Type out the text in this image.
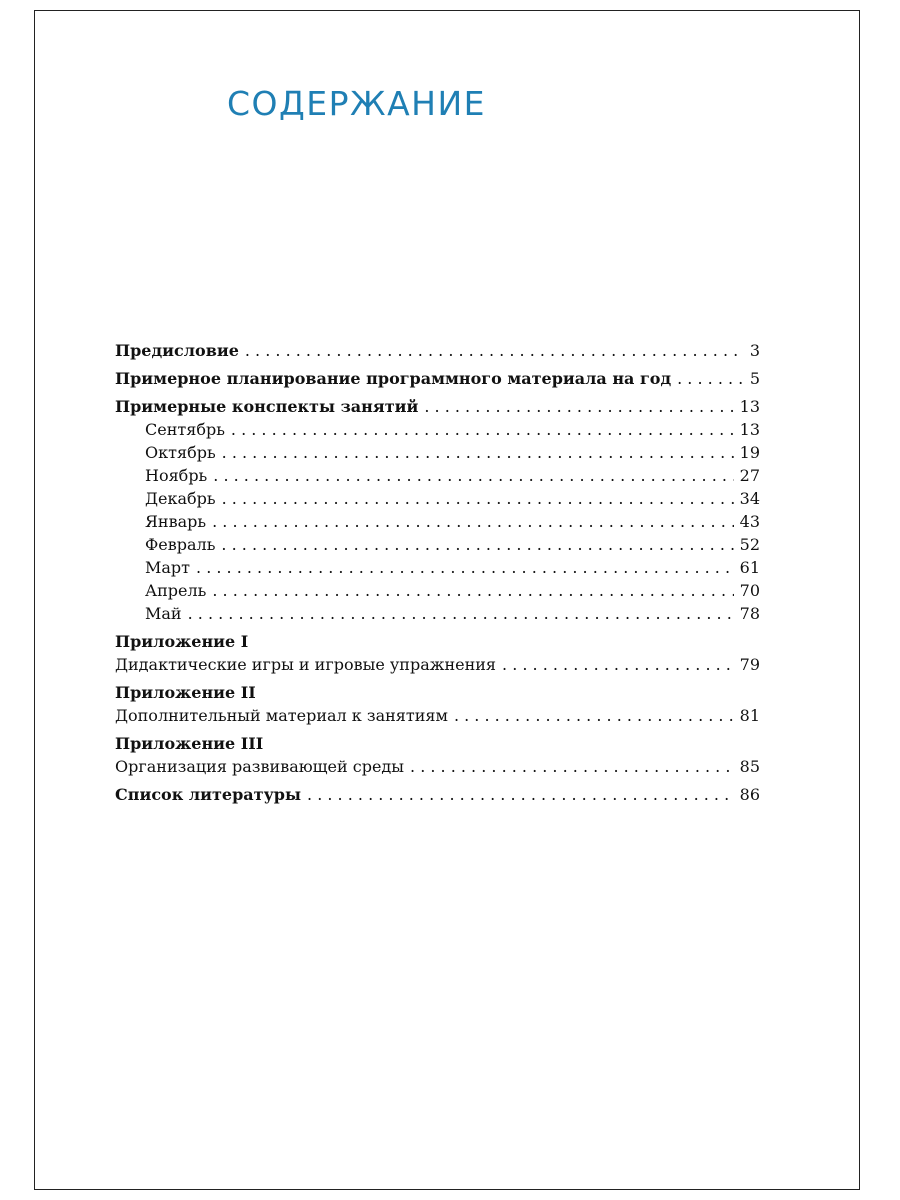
СОДЕРЖАНИЕ
Предисловие . . .	3
Примерное планирование программного материала на год . . .	5
Примерные конспекты занятий . . .	13
Сентябрь . . .	13
Октябрь . . .	19
Ноябрь . . .	27
Декабрь . . .	34
Январь . . .	43
Февраль . . .	52
Март . . .	61
Апрель . . .	70
Май . . .	78
Приложение I
Дидактические игры и игровые упражнения . . .	79
Приложение II
Дополнительный материал к занятиям . . .	81
Приложение III
Организация развивающей среды . . .	85
Список литературы . . .	86
